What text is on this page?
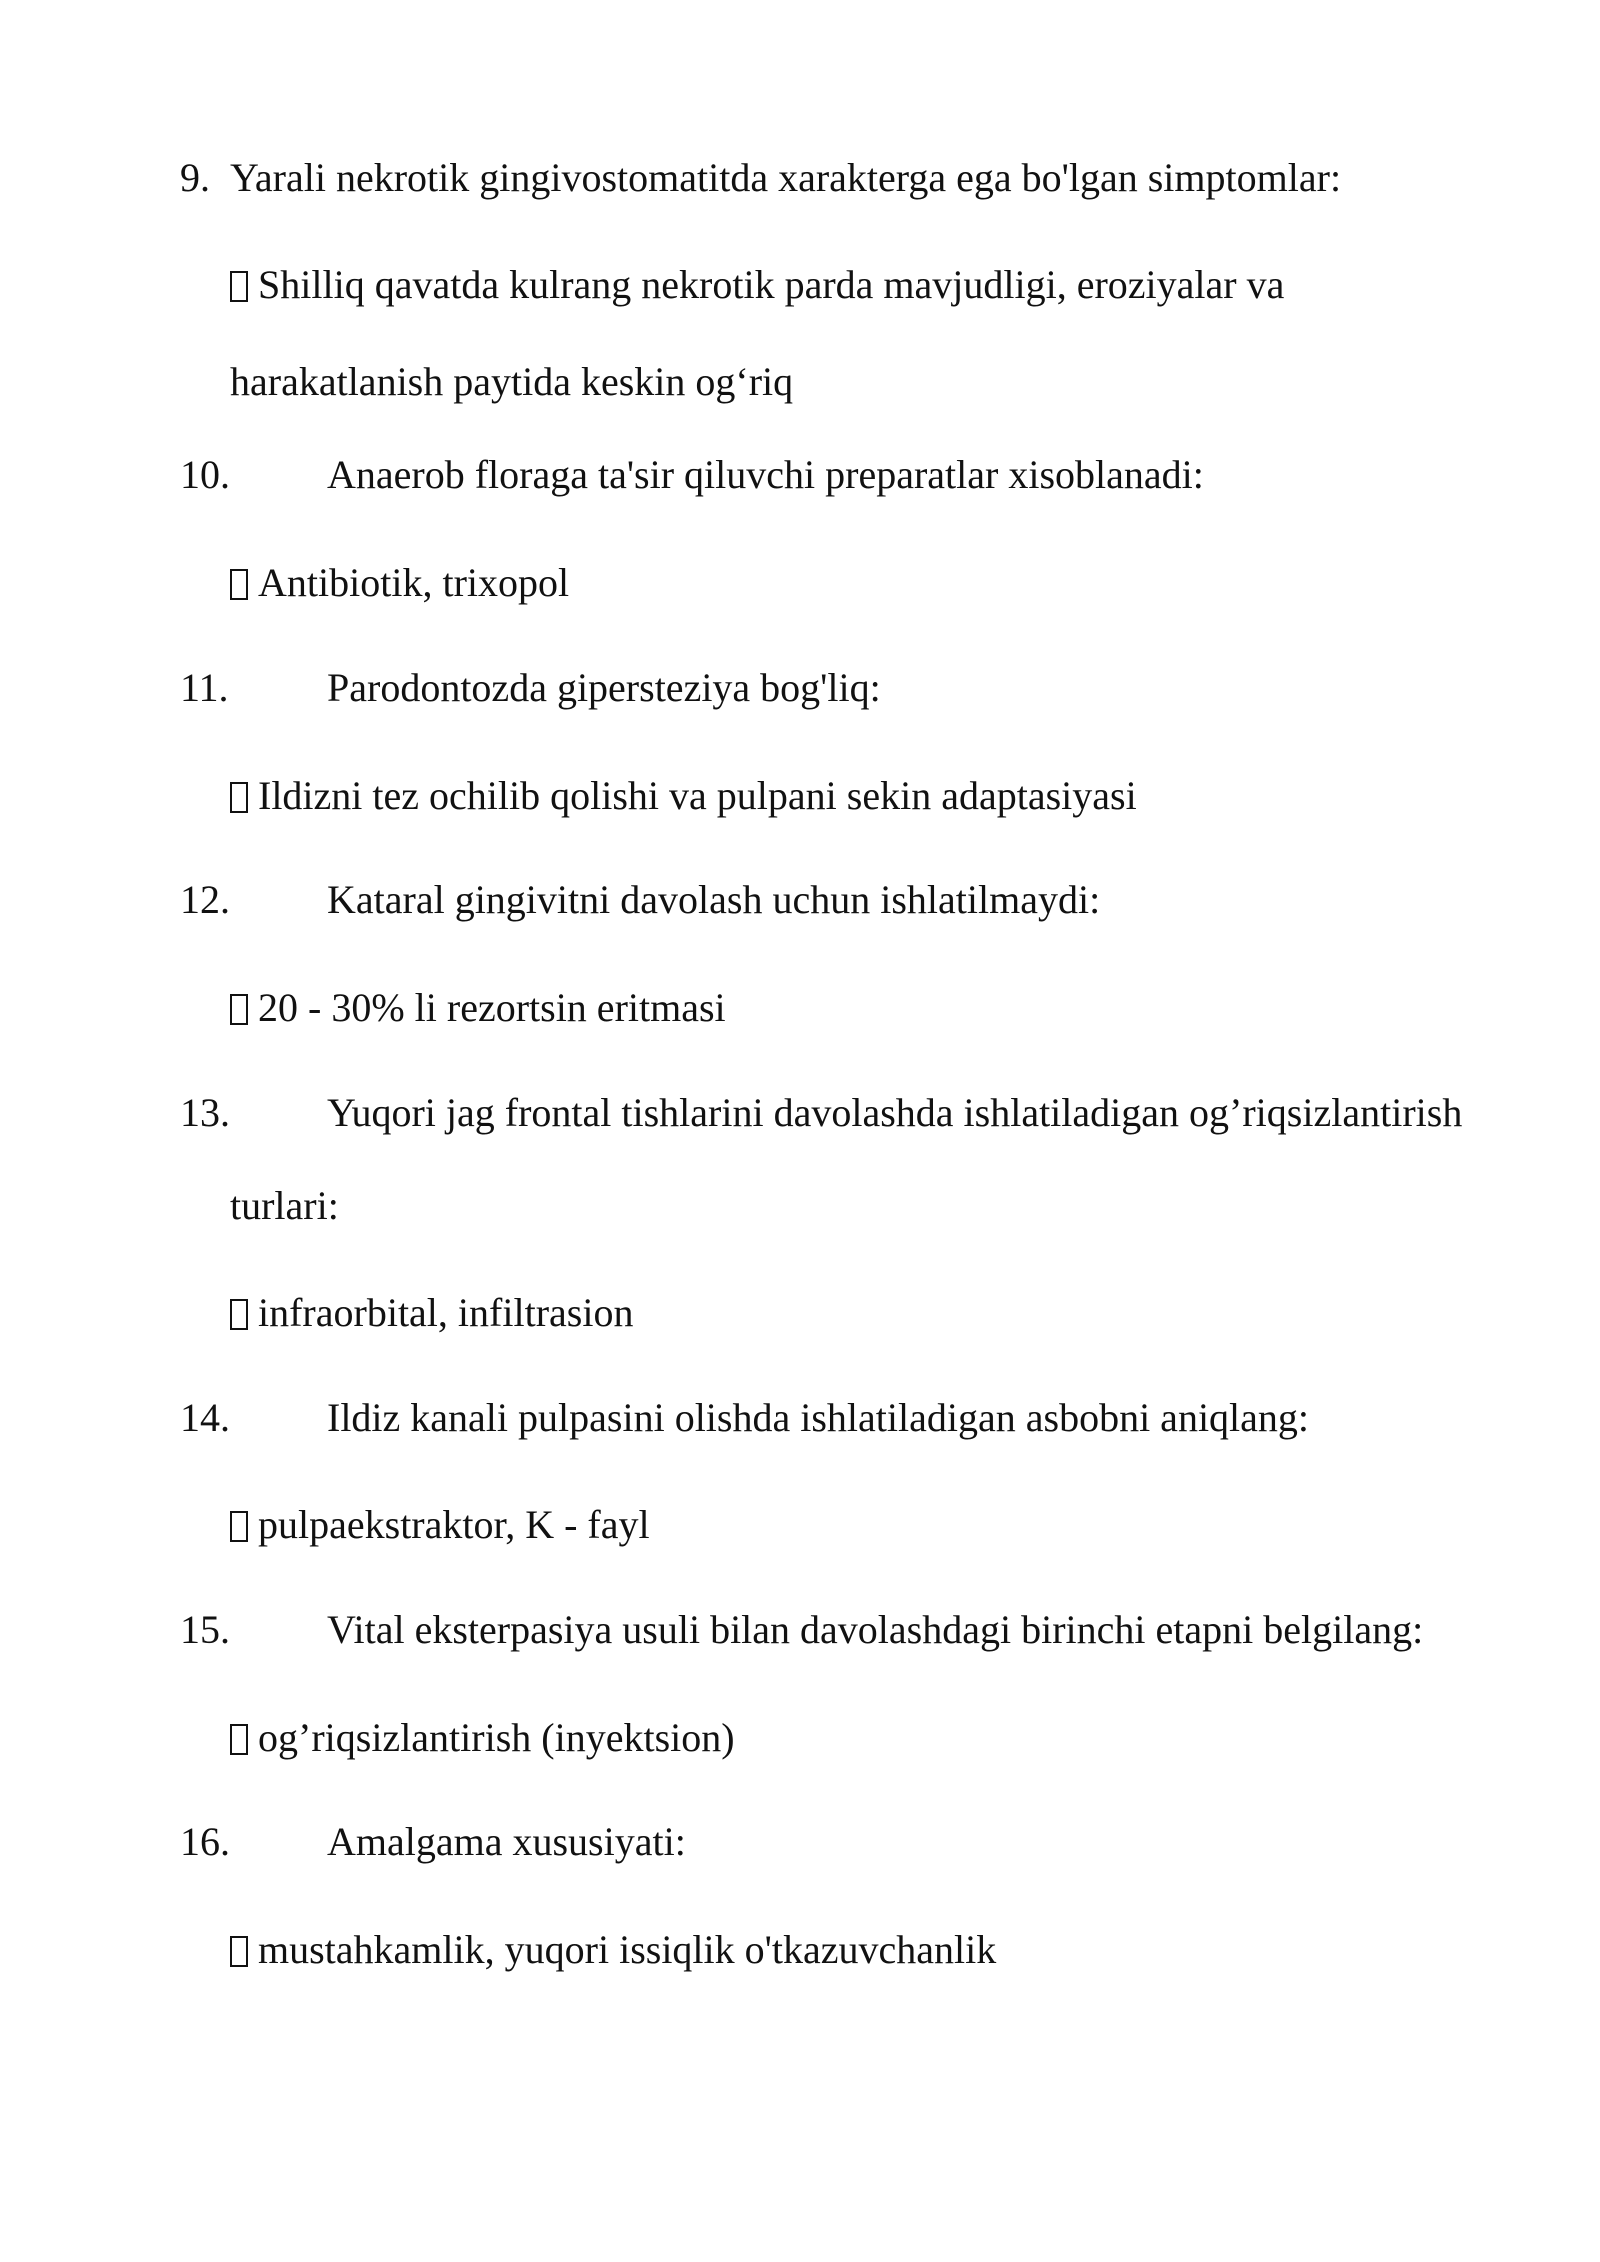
9. Yarali nekrotik gingivostomatitda xarakterga ega bo'lgan simptomlar:
Shilliq qavatda kulrang nekrotik parda mavjudligi, eroziyalar va
harakatlanish paytida keskin og‘riq
10. Anaerob floraga ta'sir qiluvchi preparatlar xisoblanadi:
Antibiotik, trixopol
11. Parodontozda gipersteziya bog'liq:
Ildizni tez ochilib qolishi va pulpani sekin adaptasiyasi
12. Kataral gingivitni davolash uchun ishlatilmaydi:
20 - 30% li rezortsin eritmasi
13. Yuqori jag frontal tishlarini davolashda ishlatiladigan og’riqsizlantirish
turlari:
infraorbital, infiltrasion
14. Ildiz kanali pulpasini olishda ishlatiladigan asbobni aniqlang:
pulpaekstraktor, K - fayl
15. Vital eksterpasiya usuli bilan davolashdagi birinchi etapni belgilang:
og’riqsizlantirish (inyektsion)
16. Amalgama xususiyati:
mustahkamlik, yuqori issiqlik o'tkazuvchanlik
